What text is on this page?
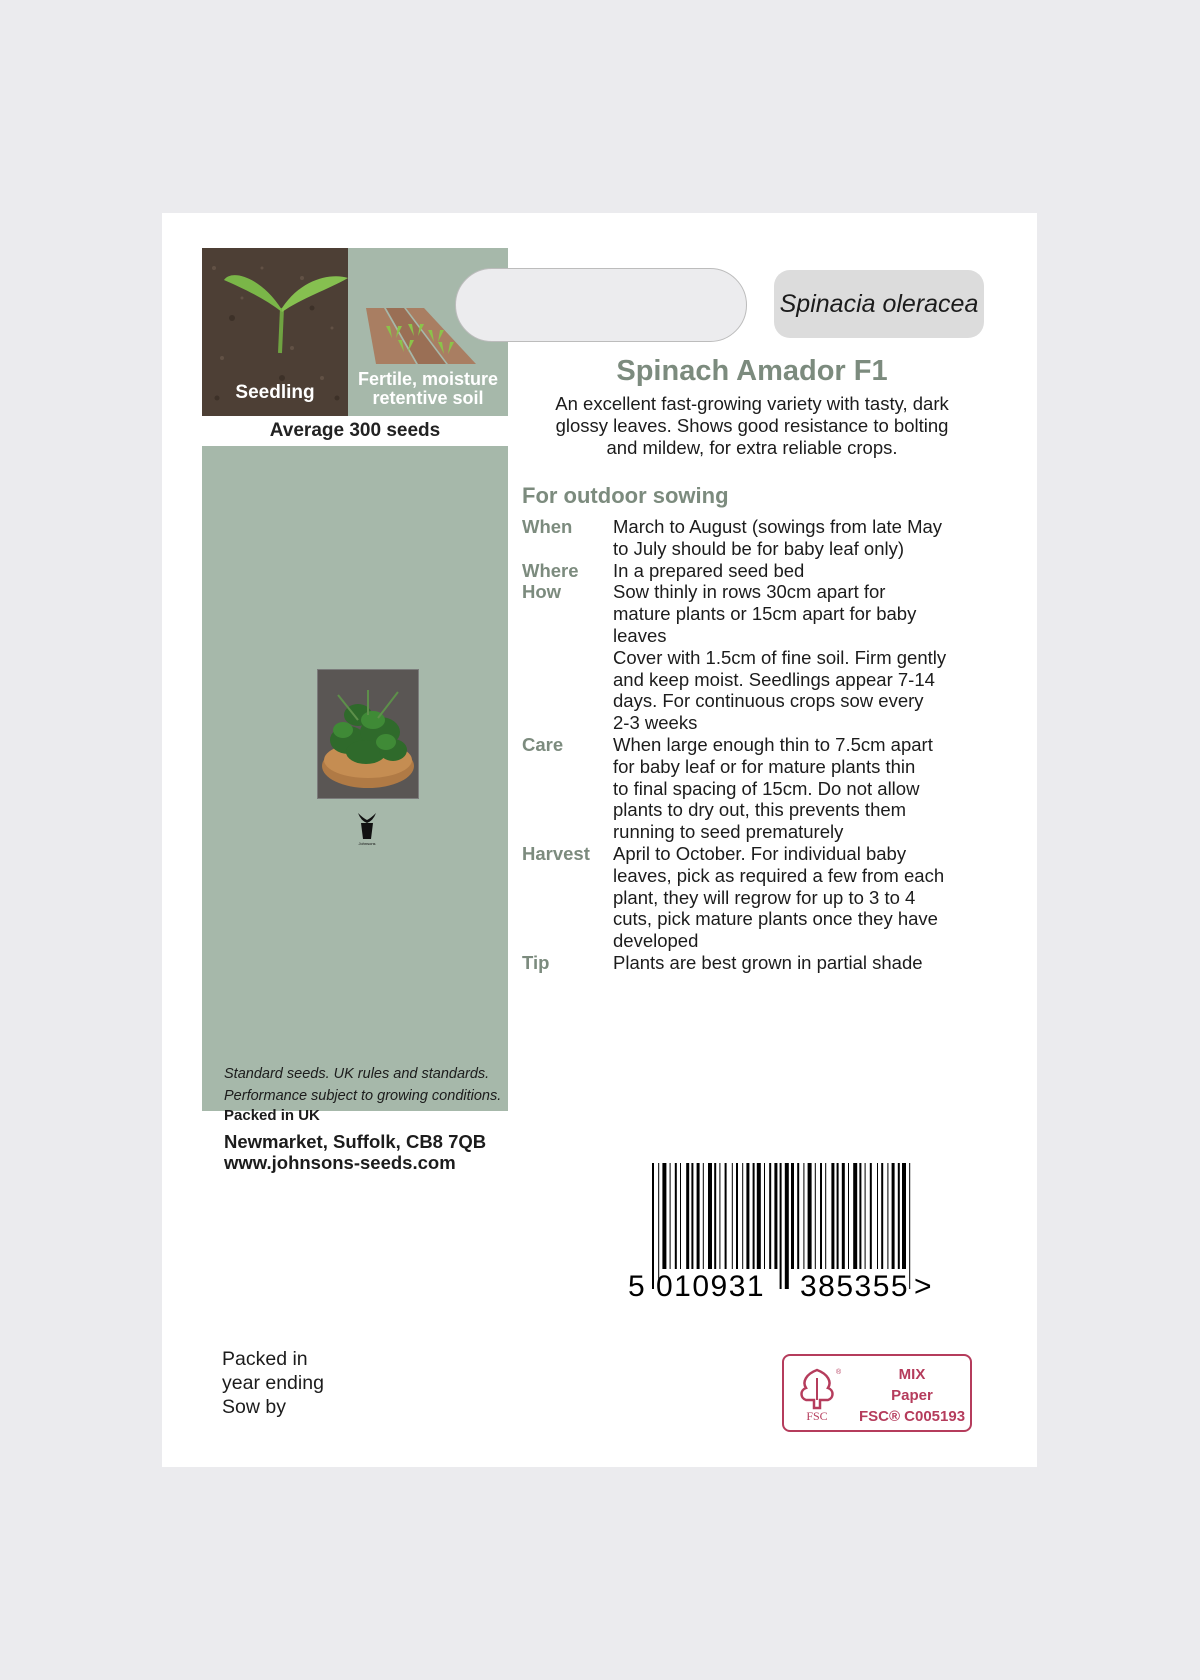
Seedling
Fertile, moisture
retentive soil
Average 300 seeds
Johnsons
Standard seeds. UK rules and standards.
Performance subject to growing conditions.
Packed in UK
Newmarket, Suffolk, CB8 7QB
www.johnsons-seeds.com
QUALITY GUARANTEE
We are proud of our high quality.
If you are not completely happy with
the performance of these seeds we will
replace them. This does not affect your
statutory rights.
Spinacia oleracea
Spinach Amador F1
An excellent fast-growing variety with tasty, dark
glossy leaves. Shows good resistance to bolting
and mildew, for extra reliable crops.
For outdoor sowing
When	March to August (sowings from late May
to July should be for baby leaf only)
Where	In a prepared seed bed
How	Sow thinly in rows 30cm apart for
mature plants or 15cm apart for baby
leaves
Cover with 1.5cm of fine soil. Firm gently
and keep moist. Seedlings appear 7-14
days. For continuous crops sow every
2-3 weeks
Care	When large enough thin to 7.5cm apart
for baby leaf or for mature plants thin
to final spacing of 15cm. Do not allow
plants to dry out, this prevents them
running to seed prematurely
Harvest	April to October. For individual baby
leaves, pick as required a few from each
plant, they will regrow for up to 3 to 4
cuts, pick mature plants once they have
developed
Tip	Plants are best grown in partial shade
5 010931 385355 >
Packed in
year ending
Sow by	FSC
®	MIX
Paper
FSC® C005193
